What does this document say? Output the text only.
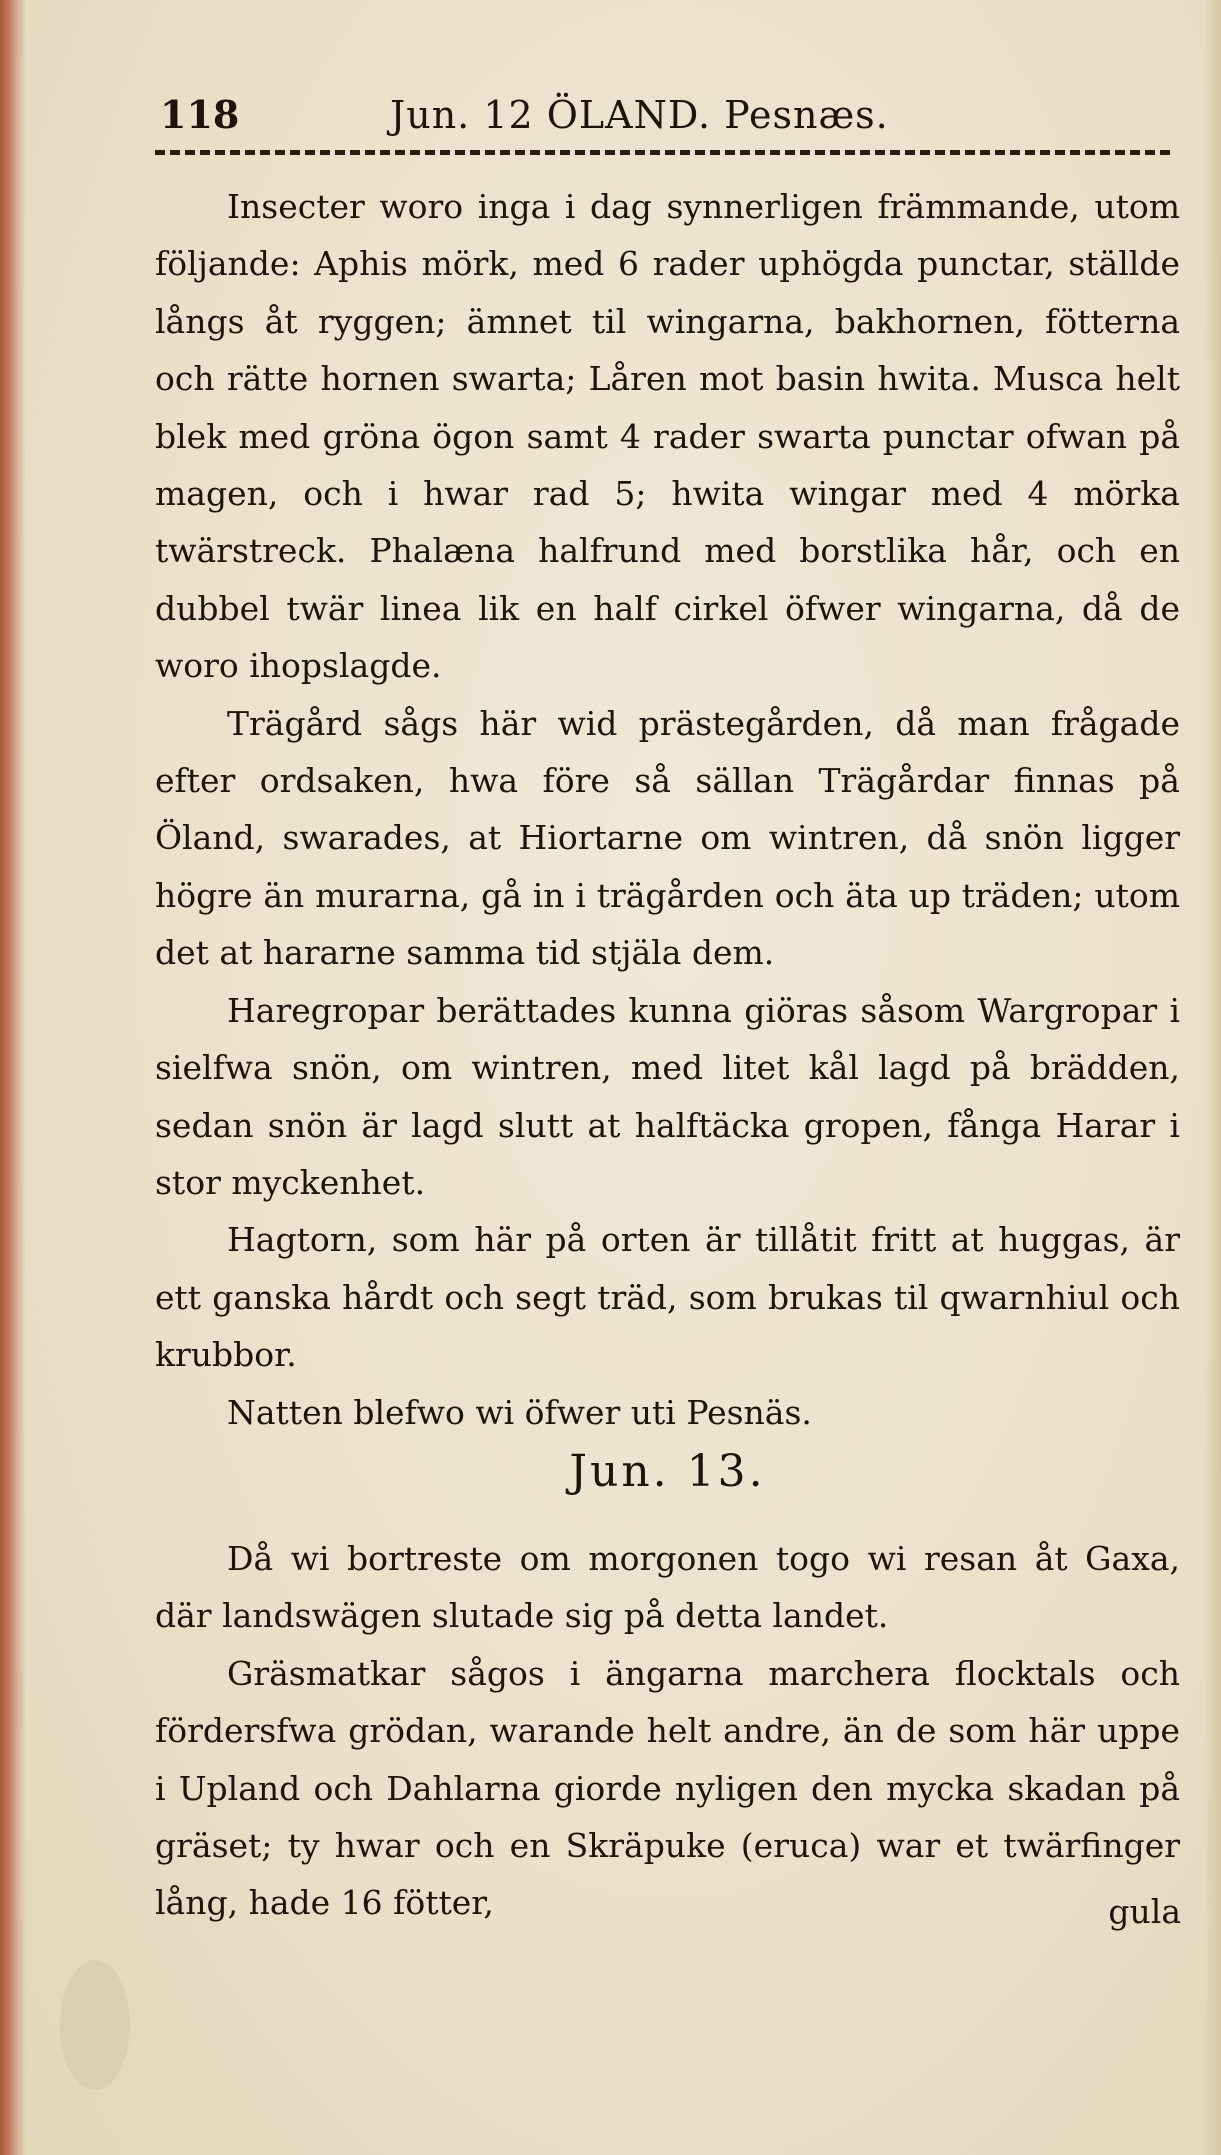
118	Jun. 12 ÖLAND. Pesnæs.

Insecter woro inga i dag synnerligen främmande, utom följande: Aphis mörk, med 6 rader uphögda punctar, ställde långs åt ryggen; ämnet til wingarna, bakhornen, fötterna och rätte hornen swarta; Låren mot basin hwita. Musca helt blek med gröna ögon samt 4 rader swarta punctar ofwan på magen, och i hwar rad 5; hwita wingar med 4 mörka twärstreck. Phalæna halfrund med borstlika hår, och en dubbel twär linea lik en half cirkel öfwer wingarna, då de woro ihopslagde.

Trägård sågs här wid prästegården, då man frågade efter ordsaken, hwa före så sällan Trägårdar finnas på Öland, swarades, at Hiortarne om wintren, då snön ligger högre än murarna, gå in i trägården och äta up träden; utom det at hararne samma tid stjäla dem.

Haregropar berättades kunna giöras såsom Wargropar i sielfwa snön, om wintren, med litet kål lagd på brädden, sedan snön är lagd slutt at halftäcka gropen, fånga Harar i stor myckenhet.

Hagtorn, som här på orten är tillåtit fritt at huggas, är ett ganska hårdt och segt träd, som brukas til qwarnhiul och krubbor.

Natten blefwo wi öfwer uti Pesnäs.

Jun. 13.

Då wi bortreste om morgonen togo wi resan åt Gaxa, där landswägen slutade sig på detta landet.

Gräsmatkar sågos i ängarna marchera flocktals och fördersfwa grödan, warande helt andre, än de som här uppe i Upland och Dahlarna giorde nyligen den mycka skadan på gräset; ty hwar och en Skräpuke (eruca) war et twärfinger lång, hade 16 fötter,	gula
